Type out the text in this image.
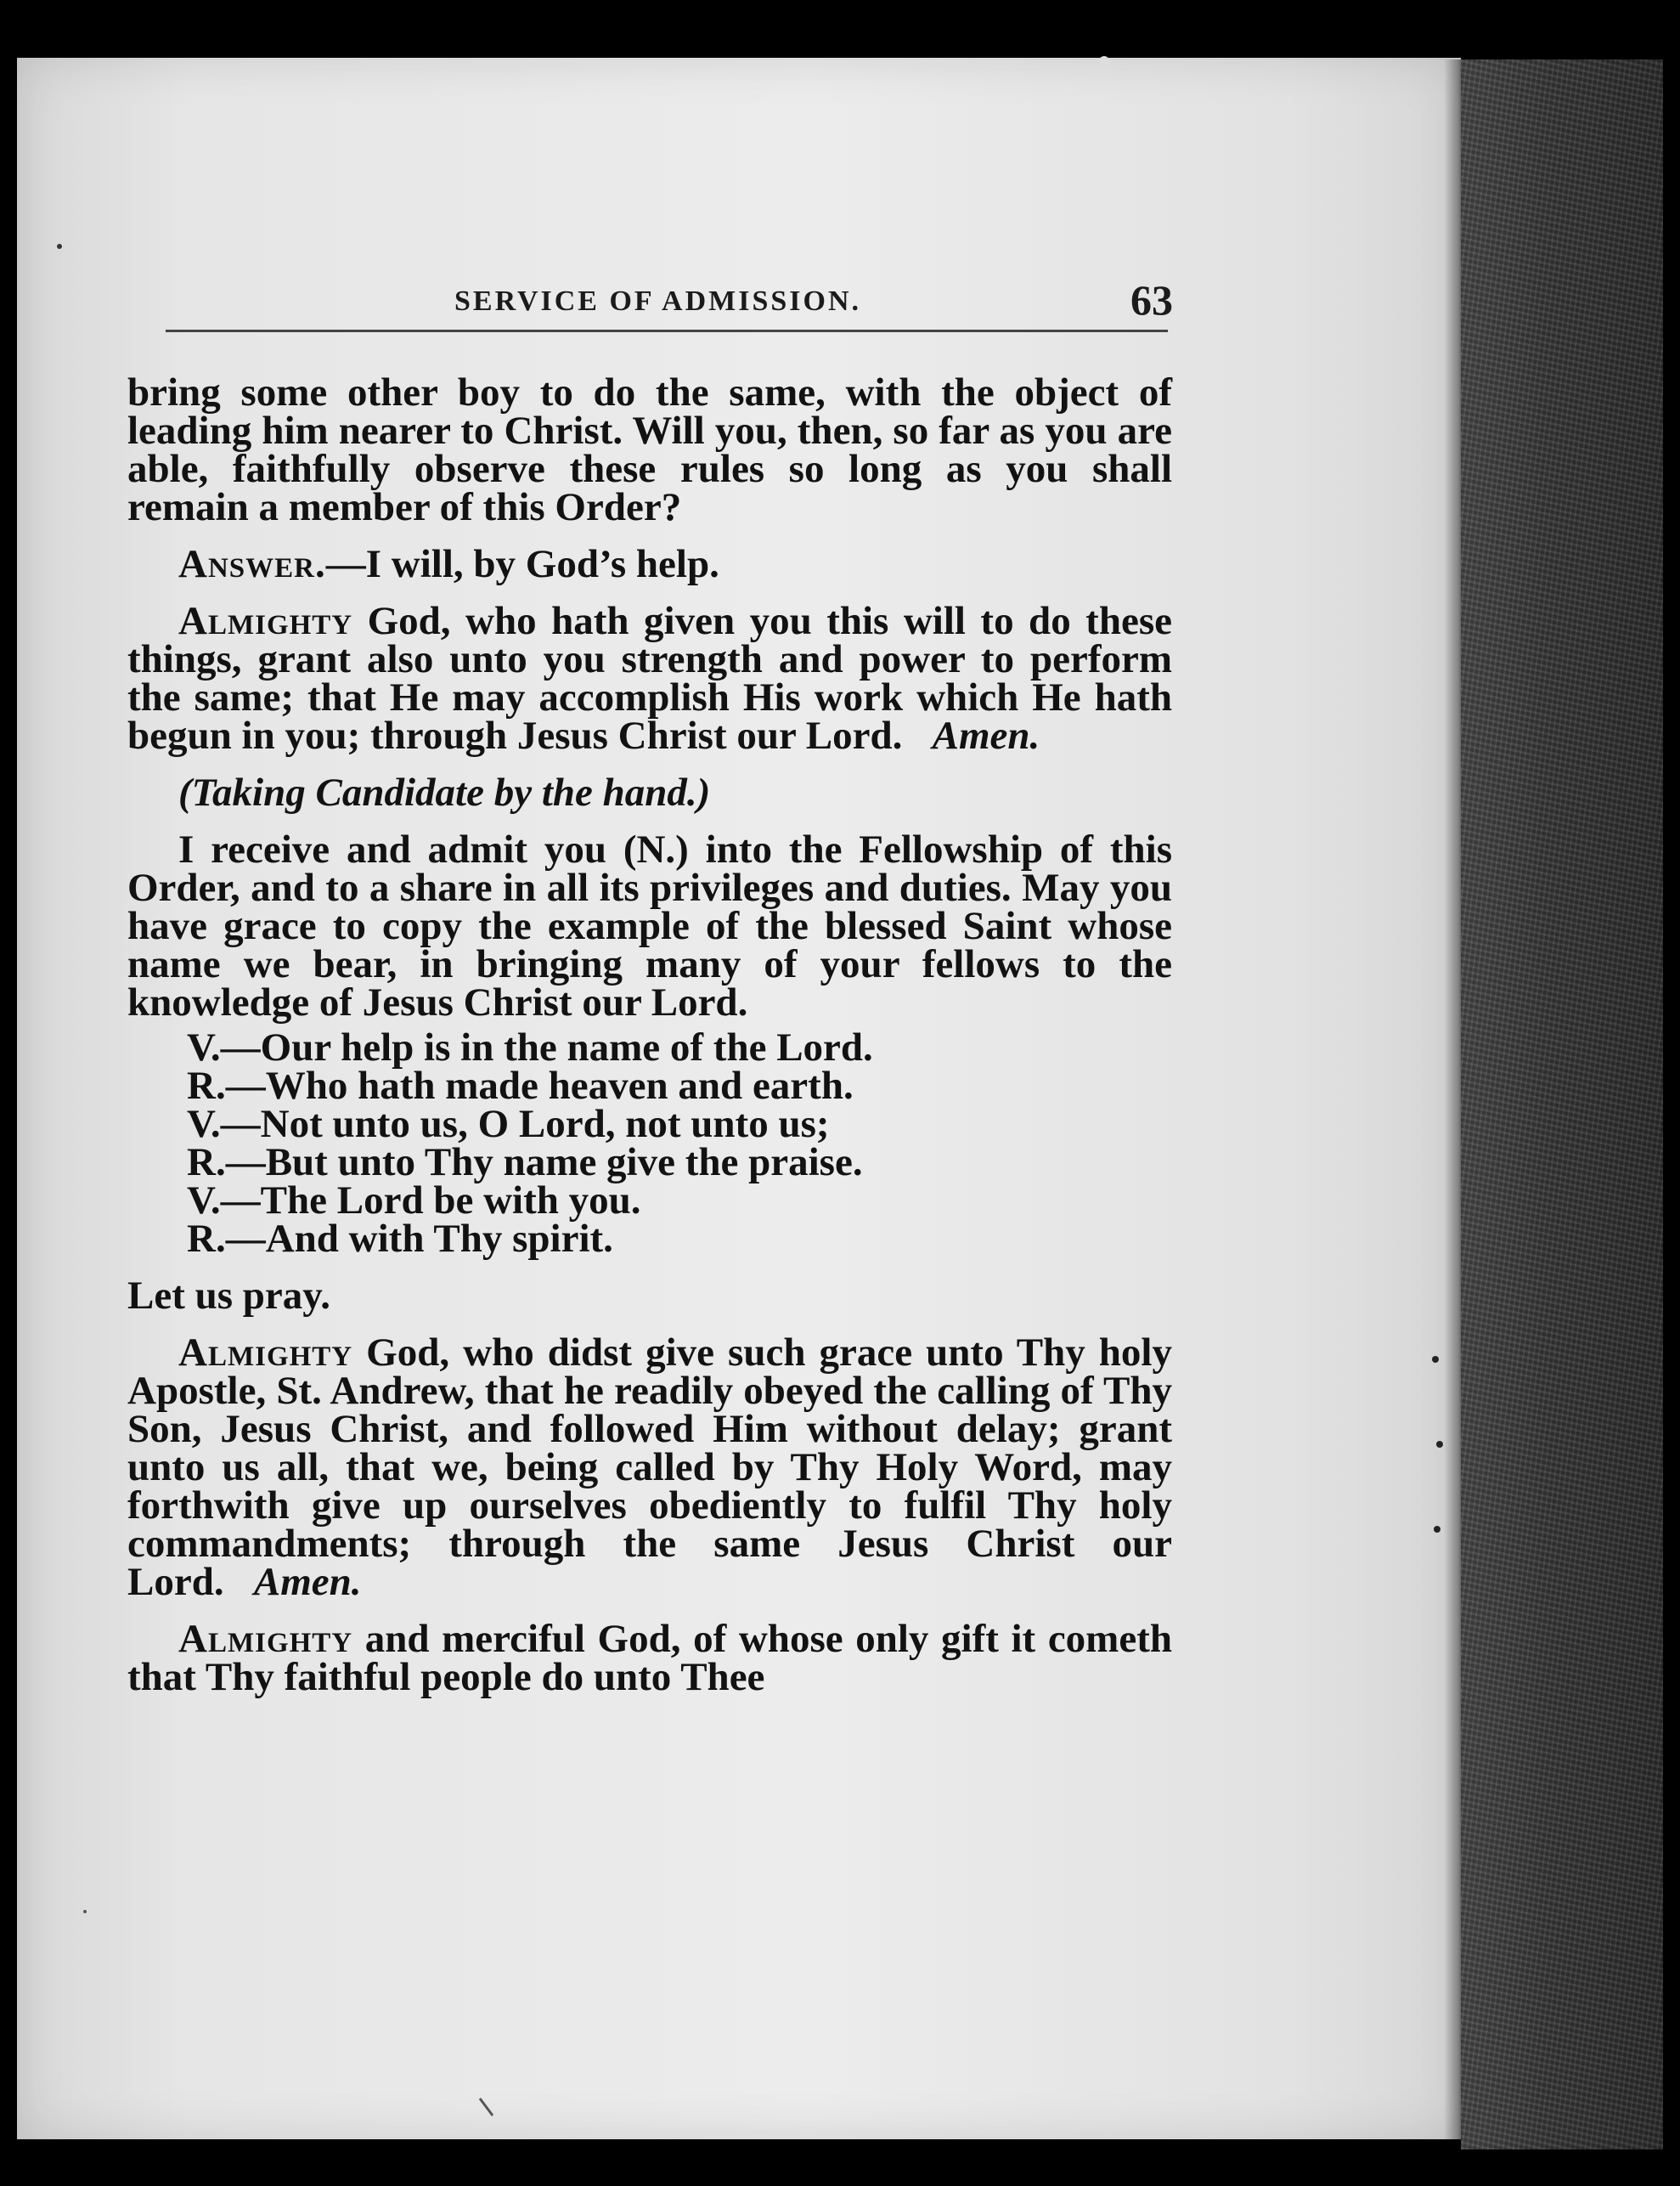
SERVICE OF ADMISSION.	63

bring some other boy to do the same, with the object of leading him nearer to Christ. Will you, then, so far as you are able, faithfully observe these rules so long as you shall remain a member of this Order?

Answer.—I will, by God’s help.

Almighty God, who hath given you this will to do these things, grant also unto you strength and power to perform the same; that He may accomplish His work which He hath begun in you; through Jesus Christ our Lord. Amen.

(Taking Candidate by the hand.)

I receive and admit you (N.) into the Fellowship of this Order, and to a share in all its privileges and duties. May you have grace to copy the example of the blessed Saint whose name we bear, in bringing many of your fellows to the knowledge of Jesus Christ our Lord.

V.—Our help is in the name of the Lord.

R.—Who hath made heaven and earth.

V.—Not unto us, O Lord, not unto us;

R.—But unto Thy name give the praise.

V.—The Lord be with you.

R.—And with Thy spirit.

Let us pray.

Almighty God, who didst give such grace unto Thy holy Apostle, St. Andrew, that he readily obeyed the calling of Thy Son, Jesus Christ, and followed Him without delay; grant unto us all, that we, being called by Thy Holy Word, may forthwith give up ourselves obediently to fulfil Thy holy commandments; through the same Jesus Christ our Lord. Amen.

Almighty and merciful God, of whose only gift it cometh that Thy faithful people do unto Thee
